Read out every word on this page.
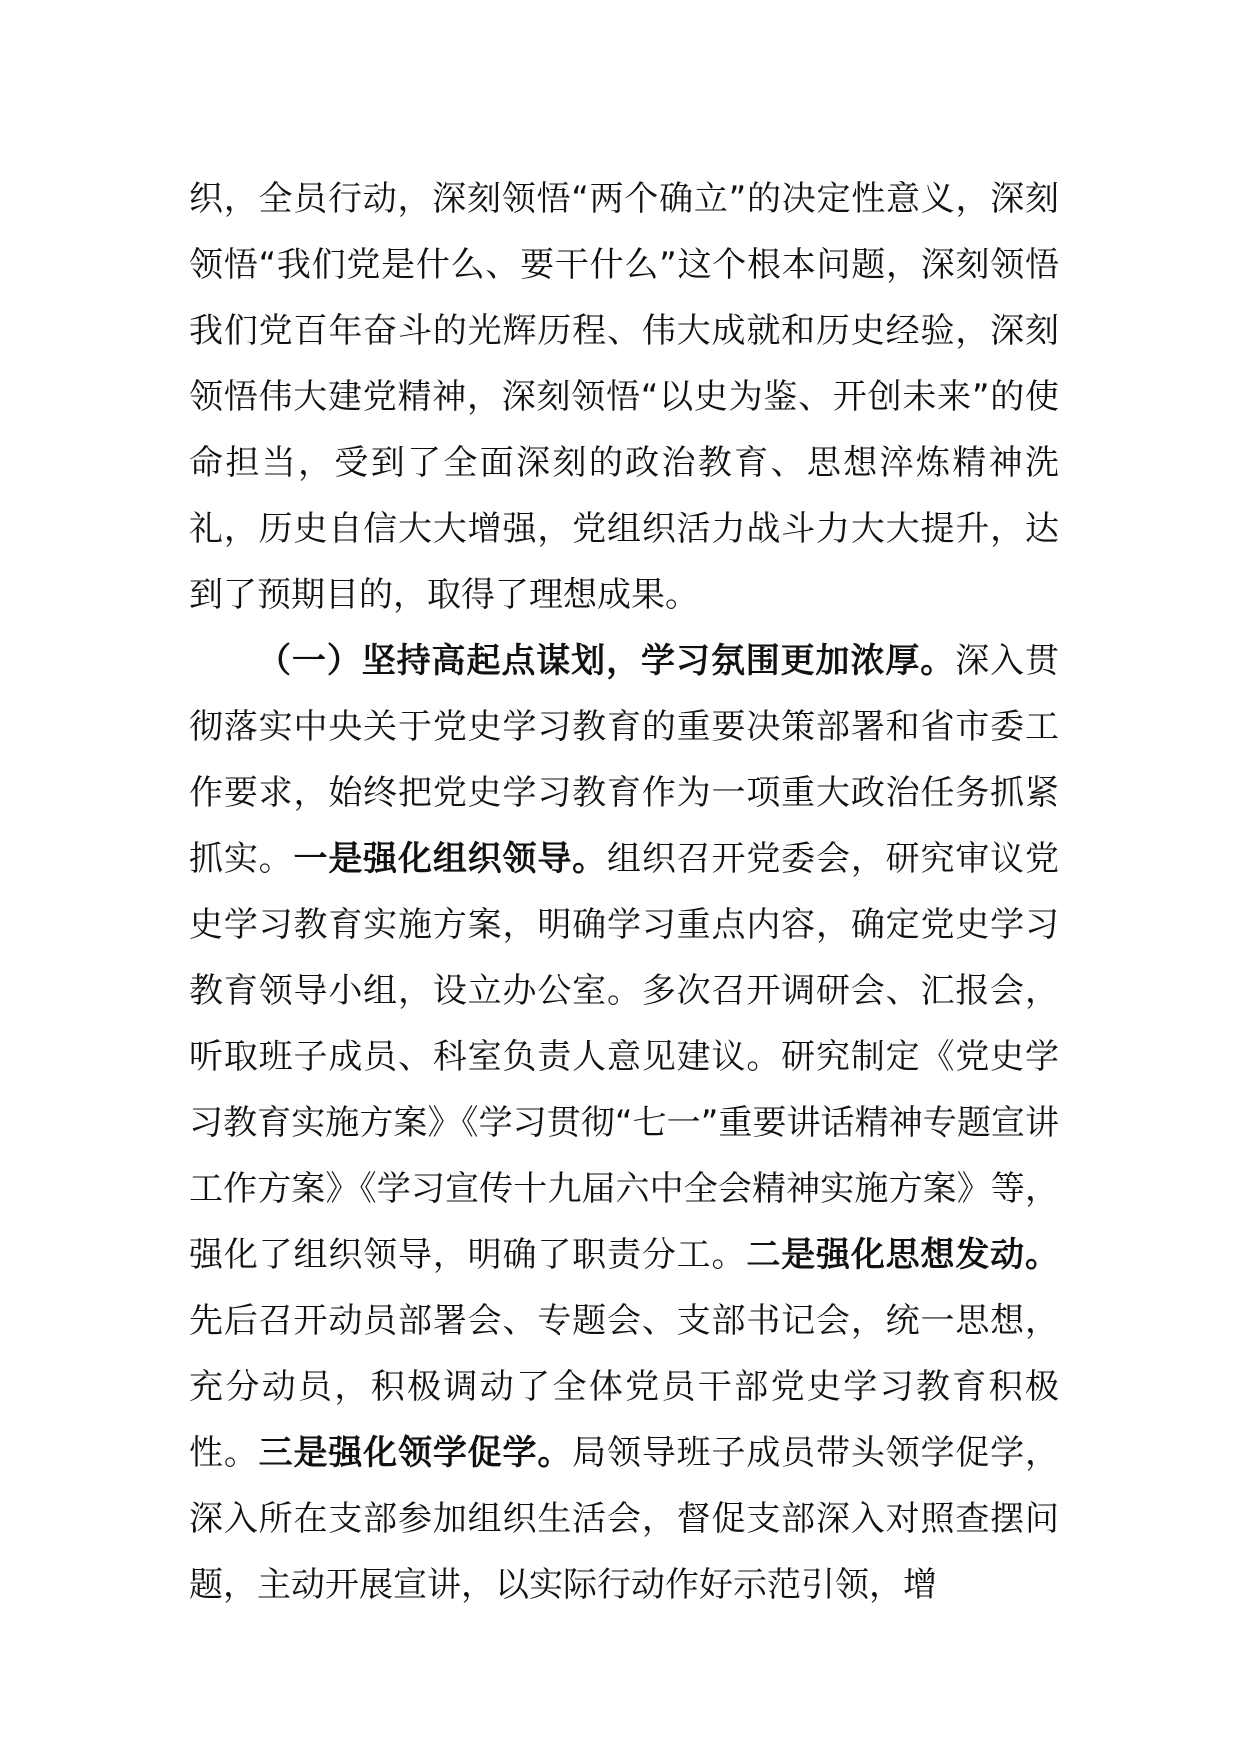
织，全员行动，深刻领悟“两个确立”的决定性意义，深刻领悟“我们党是什么、要干什么”这个根本问题，深刻领悟我们党百年奋斗的光辉历程、伟大成就和历史经验，深刻领悟伟大建党精神，深刻领悟“以史为鉴、开创未来”的使命担当，受到了全面深刻的政治教育、思想淬炼精神洗礼，历史自信大大增强，党组织活力战斗力大大提升，达到了预期目的，取得了理想成果。

（一）坚持高起点谋划，学习氛围更加浓厚。深入贯彻落实中央关于党史学习教育的重要决策部署和省市委工作要求，始终把党史学习教育作为一项重大政治任务抓紧抓实。一是强化组织领导。组织召开党委会，研究审议党史学习教育实施方案，明确学习重点内容，确定党史学习教育领导小组，设立办公室。多次召开调研会、汇报会，听取班子成员、科室负责人意见建议。研究制定《党史学习教育实施方案》《学习贯彻“七一”重要讲话精神专题宣讲工作方案》《学习宣传十九届六中全会精神实施方案》等，强化了组织领导，明确了职责分工。二是强化思想发动。先后召开动员部署会、专题会、支部书记会，统一思想，充分动员，积极调动了全体党员干部党史学习教育积极性。三是强化领学促学。局领导班子成员带头领学促学，深入所在支部参加组织生活会，督促支部深入对照查摆问题，主动开展宣讲，以实际行动作好示范引领，增
